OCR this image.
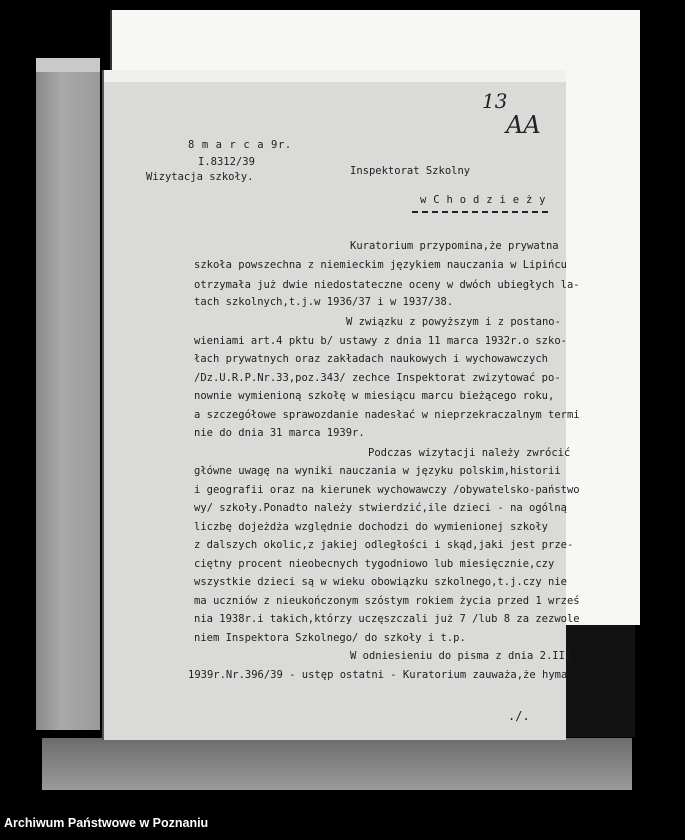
13
AA
8 m a r c a 9r.
I.8312/39
Wizytacja szkoły.	Inspektorat Szkolny
w C h o d z i e ż y
Kuratorium przypomina,że prywatna
szkoła powszechna z niemieckim językiem nauczania w Lipińcu
otrzymała już dwie niedostateczne oceny w dwóch ubiegłych la-
tach szkolnych,t.j.w 1936/37 i w 1937/38.
W związku z powyższym i z postano-
wieniami art.4 pktu b/ ustawy z dnia 11 marca 1932r.o szko-
łach prywatnych oraz zakładach naukowych i wychowawczych
/Dz.U.R.P.Nr.33,poz.343/ zechce Inspektorat zwizytować po-
nownie wymienioną szkołę w miesiącu marcu bieżącego roku,
a szczegółowe sprawozdanie nadesłać w nieprzekraczalnym termi
nie do dnia 31 marca 1939r.
Podczas wizytacji należy zwrócić
główne uwagę na wyniki nauczania w języku polskim,historii
i geografii oraz na kierunek wychowawczy /obywatelsko-państwo
wy/ szkoły.Ponadto należy stwierdzić,ile dzieci - na ogólną
liczbę dojeżdża względnie dochodzi do wymienionej szkoły
z dalszych okolic,z jakiej odległości i skąd,jaki jest prze-
ciętny procent nieobecnych tygodniowo lub miesięcznie,czy
wszystkie dzieci są w wieku obowiązku szkolnego,t.j.czy nie
ma uczniów z nieukończonym szóstym rokiem życia przed 1 wrześ
nia 1938r.i takich,którzy uczęszczali już 7 /lub 8 za zezwole
niem Inspektora Szkolnego/ do szkoły i t.p.
W odniesieniu do pisma z dnia 2.III
1939r.Nr.396/39 - ustęp ostatni - Kuratorium zauważa,że hyma
./.
Archiwum Państwowe w Poznaniu
